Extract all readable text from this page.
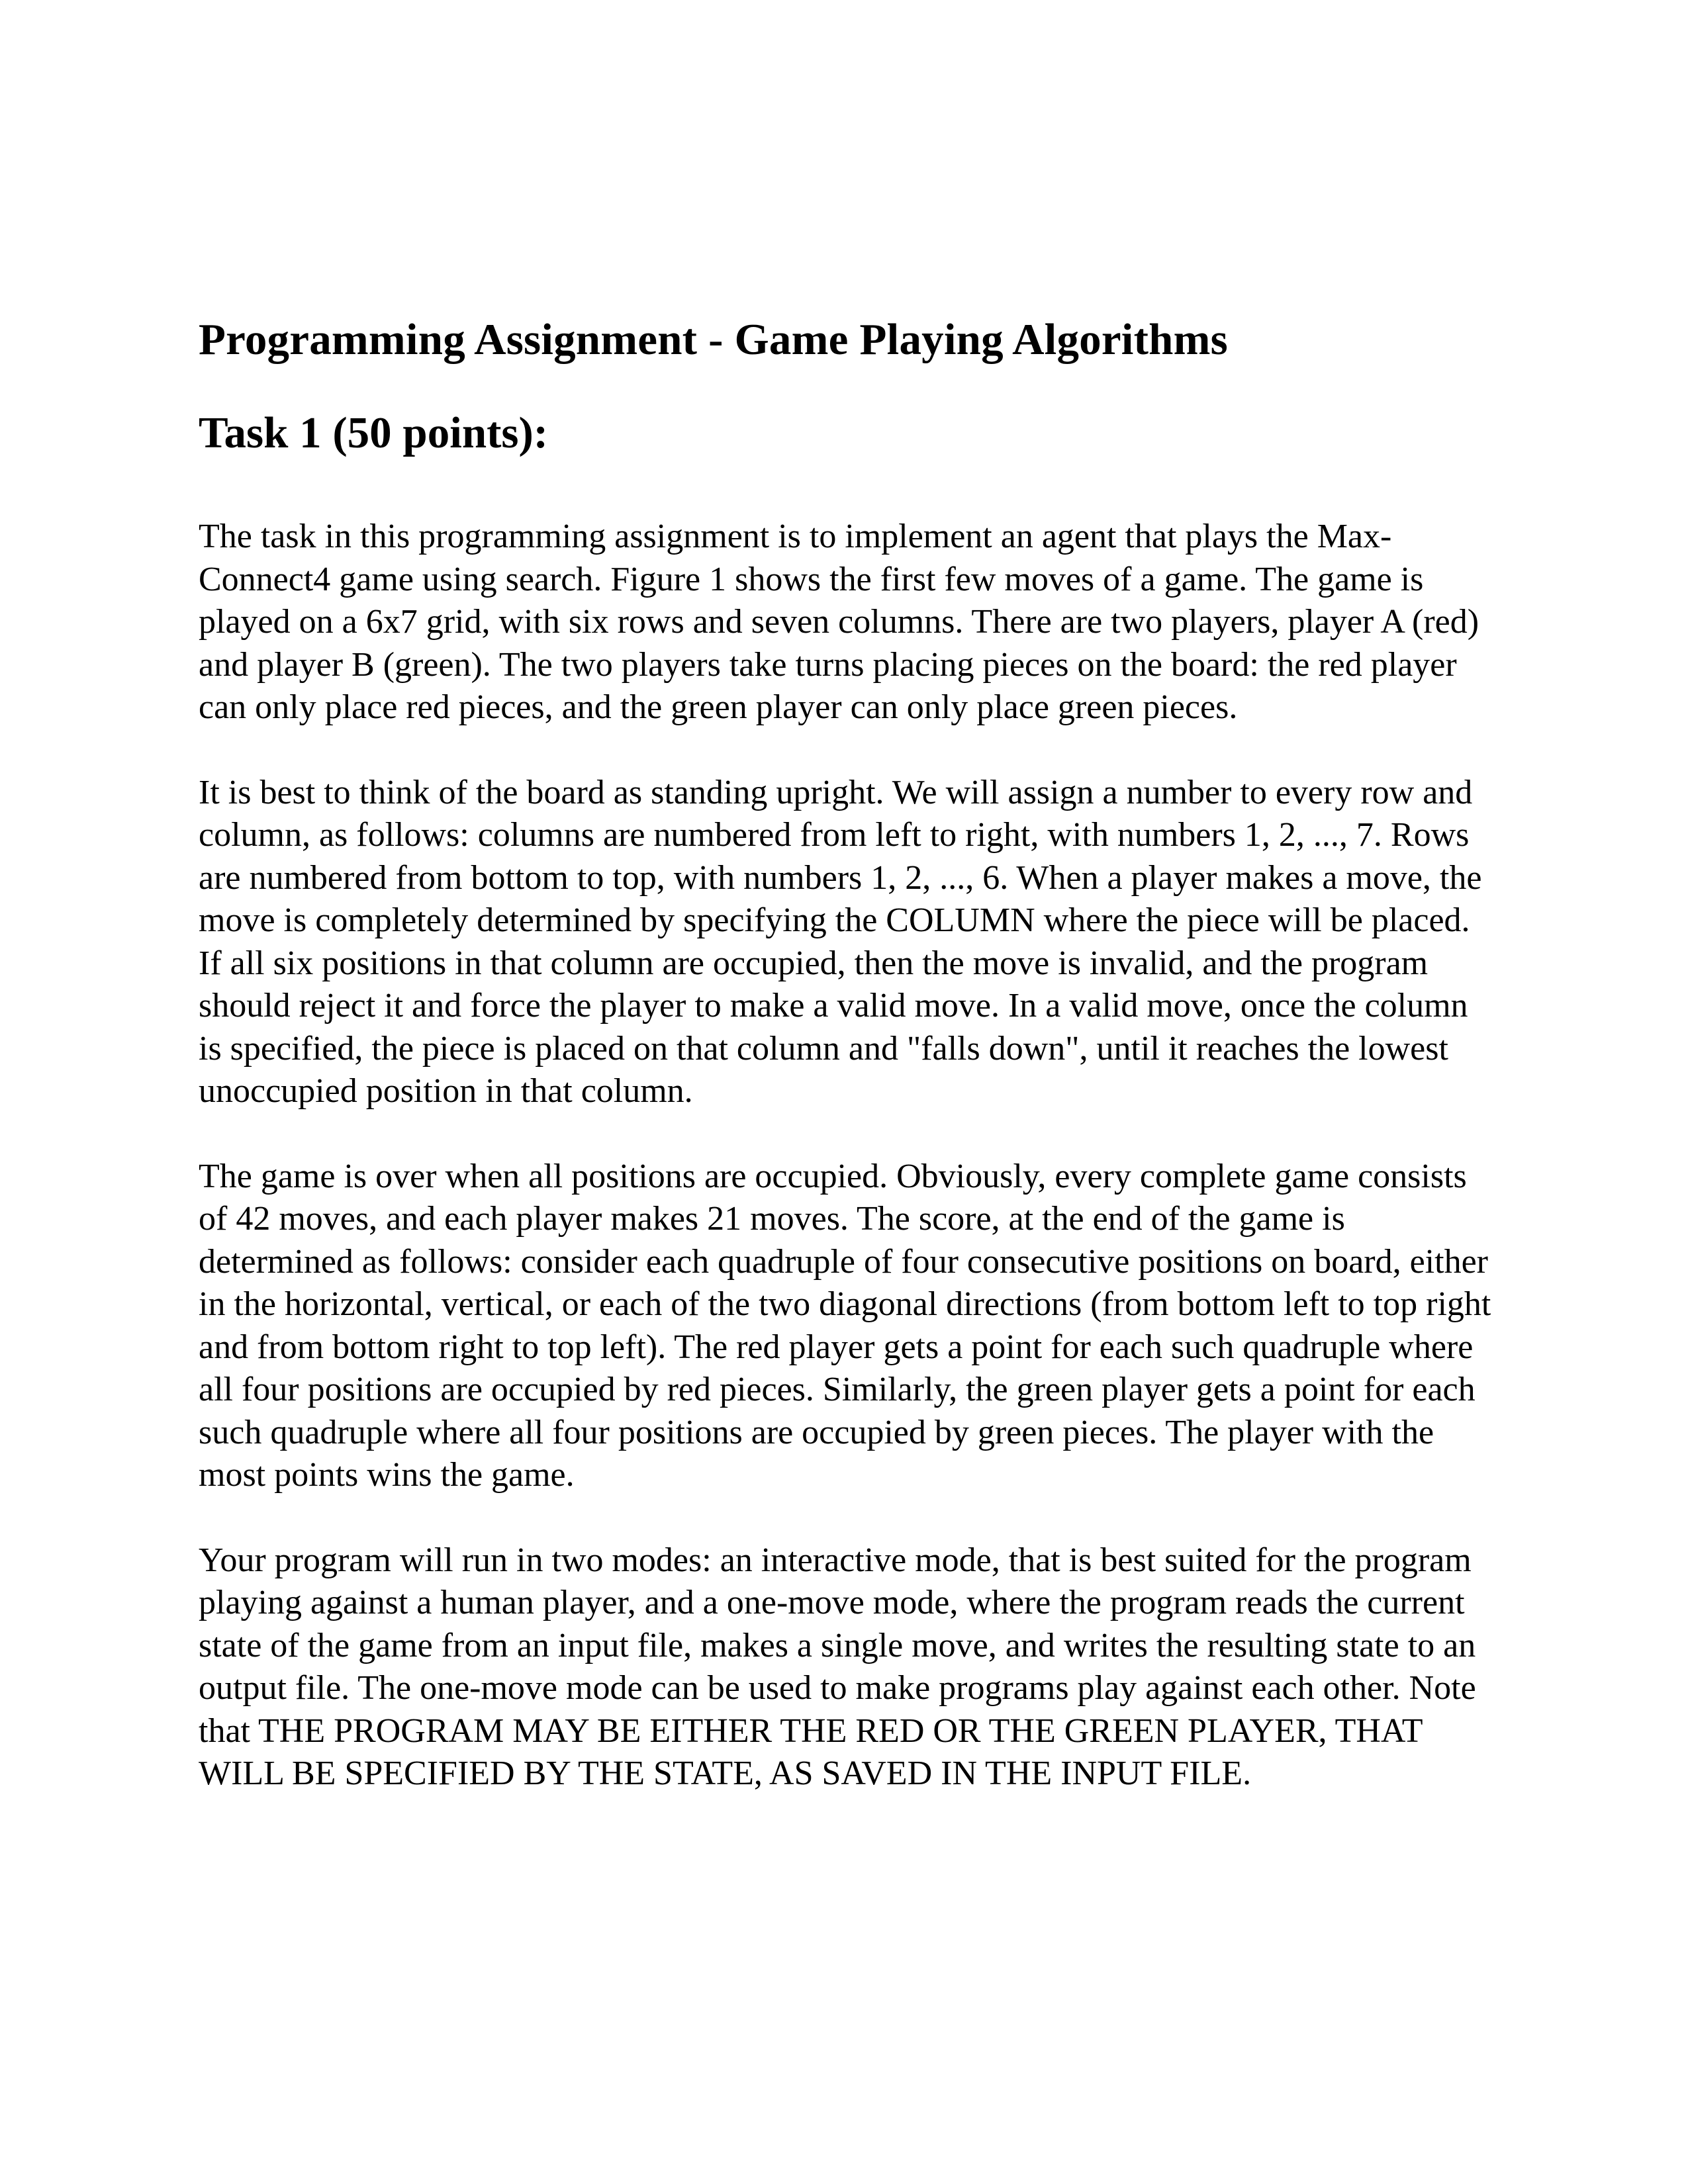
Programming Assignment - Game Playing Algorithms
Task 1 (50 points):

The task in this programming assignment is to implement an agent that plays the Max-Connect4 game using search. Figure 1 shows the first few moves of a game. The game is played on a 6x7 grid, with six rows and seven columns. There are two players, player A (red) and player B (green). The two players take turns placing pieces on the board: the red player can only place red pieces, and the green player can only place green pieces.

It is best to think of the board as standing upright. We will assign a number to every row and column, as follows: columns are numbered from left to right, with numbers 1, 2, ..., 7. Rows are numbered from bottom to top, with numbers 1, 2, ..., 6. When a player makes a move, the move is completely determined by specifying the COLUMN where the piece will be placed. If all six positions in that column are occupied, then the move is invalid, and the program should reject it and force the player to make a valid move. In a valid move, once the column is specified, the piece is placed on that column and "falls down", until it reaches the lowest unoccupied position in that column.

The game is over when all positions are occupied. Obviously, every complete game consists of 42 moves, and each player makes 21 moves. The score, at the end of the game is determined as follows: consider each quadruple of four consecutive positions on board, either in the horizontal, vertical, or each of the two diagonal directions (from bottom left to top right and from bottom right to top left). The red player gets a point for each such quadruple where all four positions are occupied by red pieces. Similarly, the green player gets a point for each such quadruple where all four positions are occupied by green pieces. The player with the most points wins the game.

Your program will run in two modes: an interactive mode, that is best suited for the program playing against a human player, and a one-move mode, where the program reads the current state of the game from an input file, makes a single move, and writes the resulting state to an output file. The one-move mode can be used to make programs play against each other. Note that THE PROGRAM MAY BE EITHER THE RED OR THE GREEN PLAYER, THAT WILL BE SPECIFIED BY THE STATE, AS SAVED IN THE INPUT FILE.
